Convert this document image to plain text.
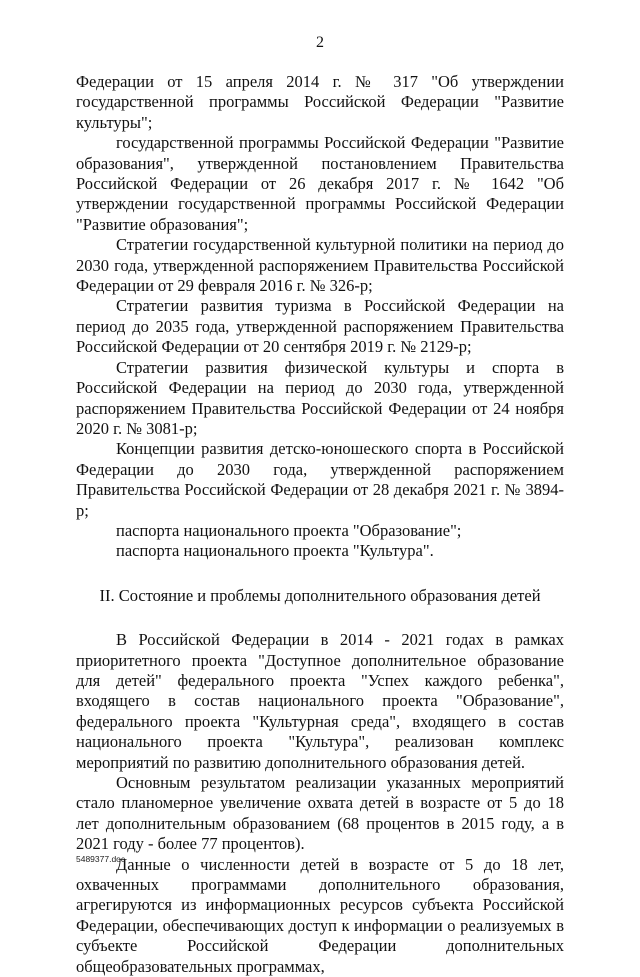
2

Федерации от 15 апреля 2014 г. № 317 "Об утверждении государственной программы Российской Федерации "Развитие культуры";

государственной программы Российской Федерации "Развитие образования", утвержденной постановлением Правительства Российской Федерации от 26 декабря 2017 г. № 1642 "Об утверждении государственной программы Российской Федерации "Развитие образования";

Стратегии государственной культурной политики на период до 2030 года, утвержденной распоряжением Правительства Российской Федерации от 29 февраля 2016 г. № 326-р;

Стратегии развития туризма в Российской Федерации на период до 2035 года, утвержденной распоряжением Правительства Российской Федерации от 20 сентября 2019 г. № 2129-р;

Стратегии развития физической культуры и спорта в Российской Федерации на период до 2030 года, утвержденной распоряжением Правительства Российской Федерации от 24 ноября 2020 г. № 3081-р;

Концепции развития детско-юношеского спорта в Российской Федерации до 2030 года, утвержденной распоряжением Правительства Российской Федерации от 28 декабря 2021 г. № 3894-р;

паспорта национального проекта "Образование";

паспорта национального проекта "Культура".

II. Состояние и проблемы дополнительного образования детей

В Российской Федерации в 2014 - 2021 годах в рамках приоритетного проекта "Доступное дополнительное образование для детей" федерального проекта "Успех каждого ребенка", входящего в состав национального проекта "Образование", федерального проекта "Культурная среда", входящего в состав национального проекта "Культура", реализован комплекс мероприятий по развитию дополнительного образования детей.

Основным результатом реализации указанных мероприятий стало планомерное увеличение охвата детей в возрасте от 5 до 18 лет дополнительным образованием (68 процентов в 2015 году, а в 2021 году - более 77 процентов).

Данные о численности детей в возрасте от 5 до 18 лет, охваченных программами дополнительного образования, агрегируются из информационных ресурсов субъекта Российской Федерации, обеспечивающих доступ к информации о реализуемых в субъекте Российской Федерации дополнительных общеобразовательных программах,

5489377.doc
